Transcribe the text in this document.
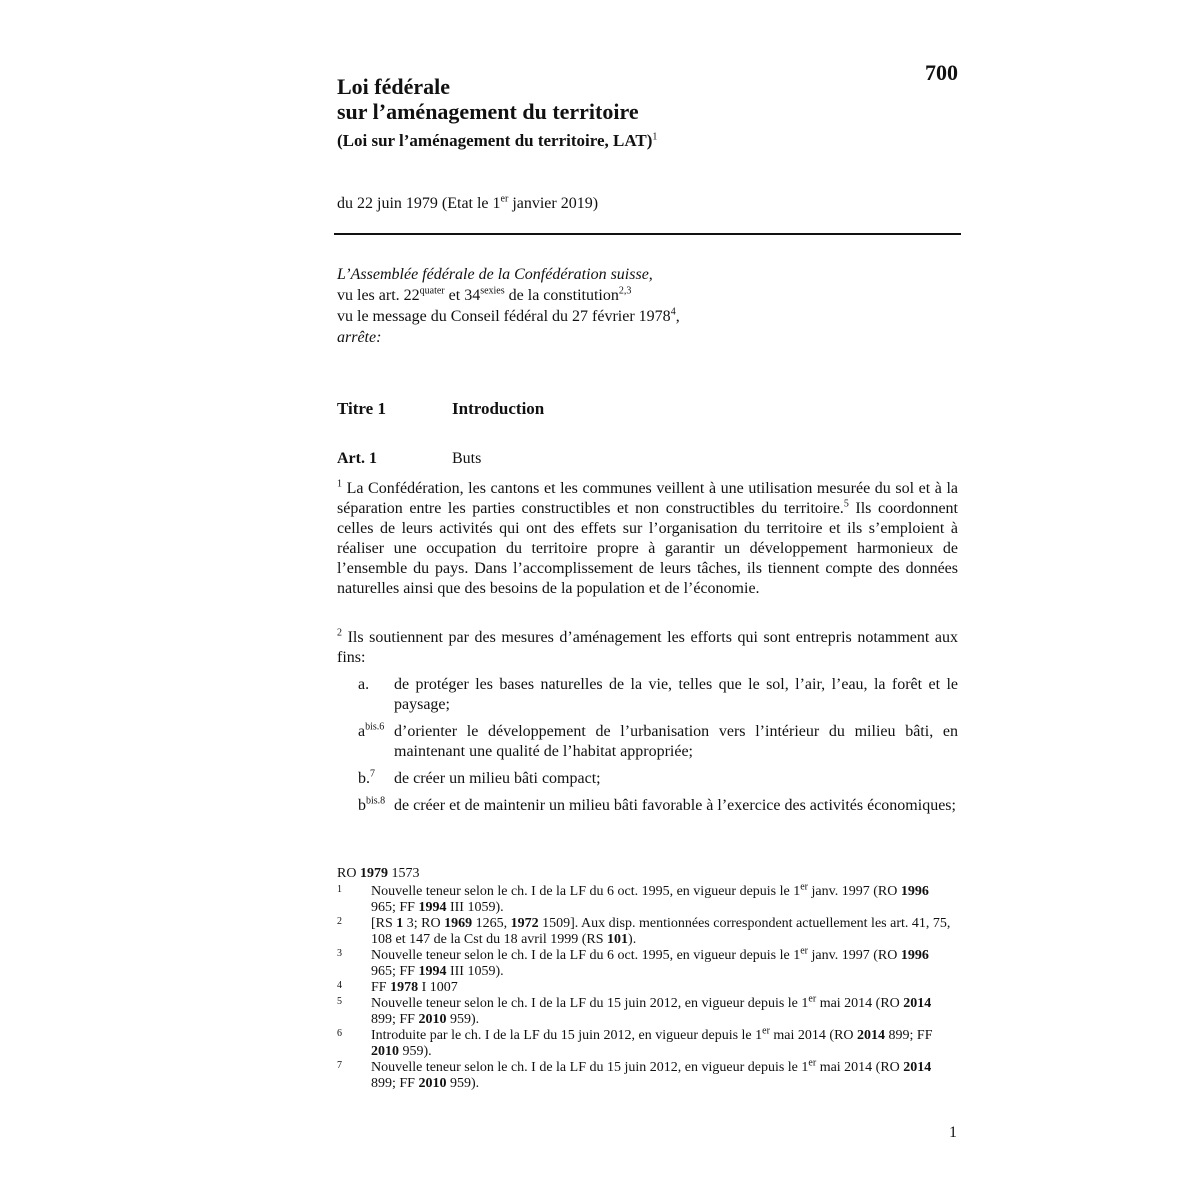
700
Loi fédérale
sur l’aménagement du territoire
(Loi sur l’aménagement du territoire, LAT)$^1$
du 22 juin 1979 (Etat le 1er janvier 2019)
L’Assemblée fédérale de la Confédération suisse,
vu les art. $22^{quater}$ et $34^{sexies}$ de la constitution$^{2,3}$
vu le message du Conseil fédéral du 27 février 1978$^4$,
arrête:
Titre 1	Introduction
Art. 1	Buts
$^1$ La Confédération, les cantons et les communes veillent à une utilisation mesurée du sol et à la séparation entre les parties constructibles et non constructibles du territoire.$^5$ Ils coordonnent celles de leurs activités qui ont des effets sur l’organisation du territoire et ils s’emploient à réaliser une occupation du territoire propre à garantir un développement harmonieux de l’ensemble du pays. Dans l’accomplissement de leurs tâches, ils tiennent compte des données naturelles ainsi que des besoins de la population et de l’économie.
$^2$ Ils soutiennent par des mesures d’aménagement les efforts qui sont entrepris notamment aux fins:
a. de protéger les bases naturelles de la vie, telles que le sol, l’air, l’eau, la forêt et le paysage;
$a^{bis.6}$ d’orienter le développement de l’urbanisation vers l’intérieur du milieu bâti, en maintenant une qualité de l’habitat appropriée;
b.$^7$ de créer un milieu bâti compact;
$b^{bis.8}$ de créer et de maintenir un milieu bâti favorable à l’exercice des activités économiques;
RO 1979 1573
1 Nouvelle teneur selon le ch. I de la LF du 6 oct. 1995, en vigueur depuis le 1er janv. 1997 (RO 1996 965; FF 1994 III 1059).
2 [RS 1 3; RO 1969 1265, 1972 1509]. Aux disp. mentionnées correspondent actuellement les art. 41, 75, 108 et 147 de la Cst du 18 avril 1999 (RS 101).
3 Nouvelle teneur selon le ch. I de la LF du 6 oct. 1995, en vigueur depuis le 1er janv. 1997 (RO 1996 965; FF 1994 III 1059).
4 FF 1978 I 1007
5 Nouvelle teneur selon le ch. I de la LF du 15 juin 2012, en vigueur depuis le 1er mai 2014 (RO 2014 899; FF 2010 959).
6 Introduite par le ch. I de la LF du 15 juin 2012, en vigueur depuis le 1er mai 2014 (RO 2014 899; FF 2010 959).
7 Nouvelle teneur selon le ch. I de la LF du 15 juin 2012, en vigueur depuis le 1er mai 2014 (RO 2014 899; FF 2010 959).
1
